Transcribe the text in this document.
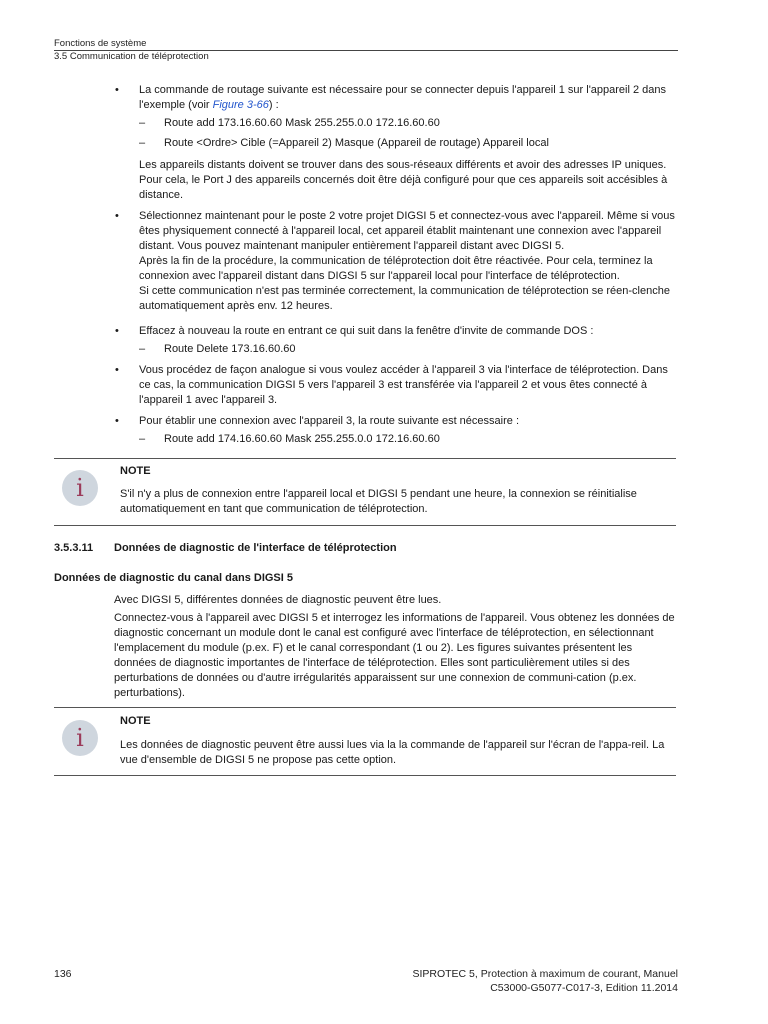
Fonctions de système
3.5 Communication de téléprotection
• La commande de routage suivante est nécessaire pour se connecter depuis l'appareil 1 sur l'appareil 2 dans l'exemple (voir Figure 3-66) :
– Route add 173.16.60.60 Mask 255.255.0.0 172.16.60.60
– Route <Ordre> Cible (=Appareil 2) Masque (Appareil de routage) Appareil local
Les appareils distants doivent se trouver dans des sous-réseaux différents et avoir des adresses IP uniques. Pour cela, le Port J des appareils concernés doit être déjà configuré pour que ces appareils soit accésibles à distance.
• Sélectionnez maintenant pour le poste 2 votre projet DIGSI 5 et connectez-vous avec l'appareil. Même si vous êtes physiquement connecté à l'appareil local, cet appareil établit maintenant une connexion avec l'appareil distant. Vous pouvez maintenant manipuler entièrement l'appareil distant avec DIGSI 5.
Après la fin de la procédure, la communication de téléprotection doit être réactivée. Pour cela, terminez la connexion avec l'appareil distant dans DIGSI 5 sur l'appareil local pour l'interface de téléprotection.
Si cette communication n'est pas terminée correctement, la communication de téléprotection se réen-clenche automatiquement après env. 12 heures.
• Effacez à nouveau la route en entrant ce qui suit dans la fenêtre d'invite de commande DOS :
– Route Delete 173.16.60.60
• Vous procédez de façon analogue si vous voulez accéder à l'appareil 3 via l'interface de téléprotection. Dans ce cas, la communication DIGSI 5 vers l'appareil 3 est transférée via l'appareil 2 et vous êtes connecté à l'appareil 1 avec l'appareil 3.
• Pour établir une connexion avec l'appareil 3, la route suivante est nécessaire :
– Route add 174.16.60.60 Mask 255.255.0.0 172.16.60.60
i
NOTE
S'il n'y a plus de connexion entre l'appareil local et DIGSI 5 pendant une heure, la connexion se réinitialise automatiquement en tant que communication de téléprotection.
3.5.3.11 Données de diagnostic de l'interface de téléprotection
Données de diagnostic du canal dans DIGSI 5
Avec DIGSI 5, différentes données de diagnostic peuvent être lues.
Connectez-vous à l'appareil avec DIGSI 5 et interrogez les informations de l'appareil. Vous obtenez les données de diagnostic concernant un module dont le canal est configuré avec l'interface de téléprotection, en sélectionnant l'emplacement du module (p.ex. F) et le canal correspondant (1 ou 2). Les figures suivantes présentent les données de diagnostic importantes de l'interface de téléprotection. Elles sont particulièrement utiles si des perturbations de données ou d'autre irrégularités apparaissent sur une connexion de communi-cation (p.ex. perturbations).
i
NOTE
Les données de diagnostic peuvent être aussi lues via la la commande de l'appareil sur l'écran de l'appa-reil. La vue d'ensemble de DIGSI 5 ne propose pas cette option.
136	SIPROTEC 5, Protection à maximum de courant, Manuel
C53000-G5077-C017-3, Edition 11.2014
